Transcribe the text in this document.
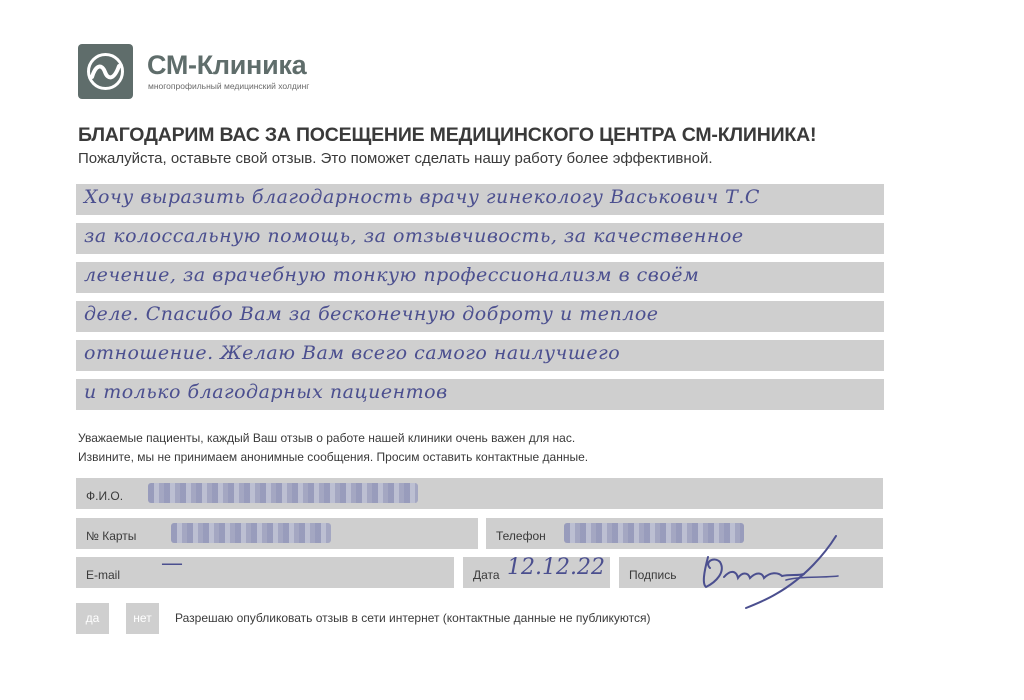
СМ-Клиника
многопрофильный медицинский холдинг
БЛАГОДАРИМ ВАС ЗА ПОСЕЩЕНИЕ МЕДИЦИНСКОГО ЦЕНТРА СМ-КЛИНИКА!
Пожалуйста, оставьте свой отзыв. Это поможет сделать нашу работу более эффективной.
Хочу выразить благодарность врачу гинекологу Васькович Т.С
за колоссальную помощь, за отзывчивость, за качественное
лечение, за врачебную тонкую профессионализм в своём
деле. Спасибо Вам за бесконечную доброту и теплое
отношение. Желаю Вам всего самого наилучшего
и только благодарных пациентов
Уважаемые пациенты, каждый Ваш отзыв о работе нашей клиники очень важен для нас.
Извините, мы не принимаем анонимные сообщения. Просим оставить контактные данные.
Ф.И.О.
№ Карты	Телефон
E-mail —	Дата 12.12.22 Подпись
да	нет	Разрешаю опубликовать отзыв в сети интернет (контактные данные не публикуются)
